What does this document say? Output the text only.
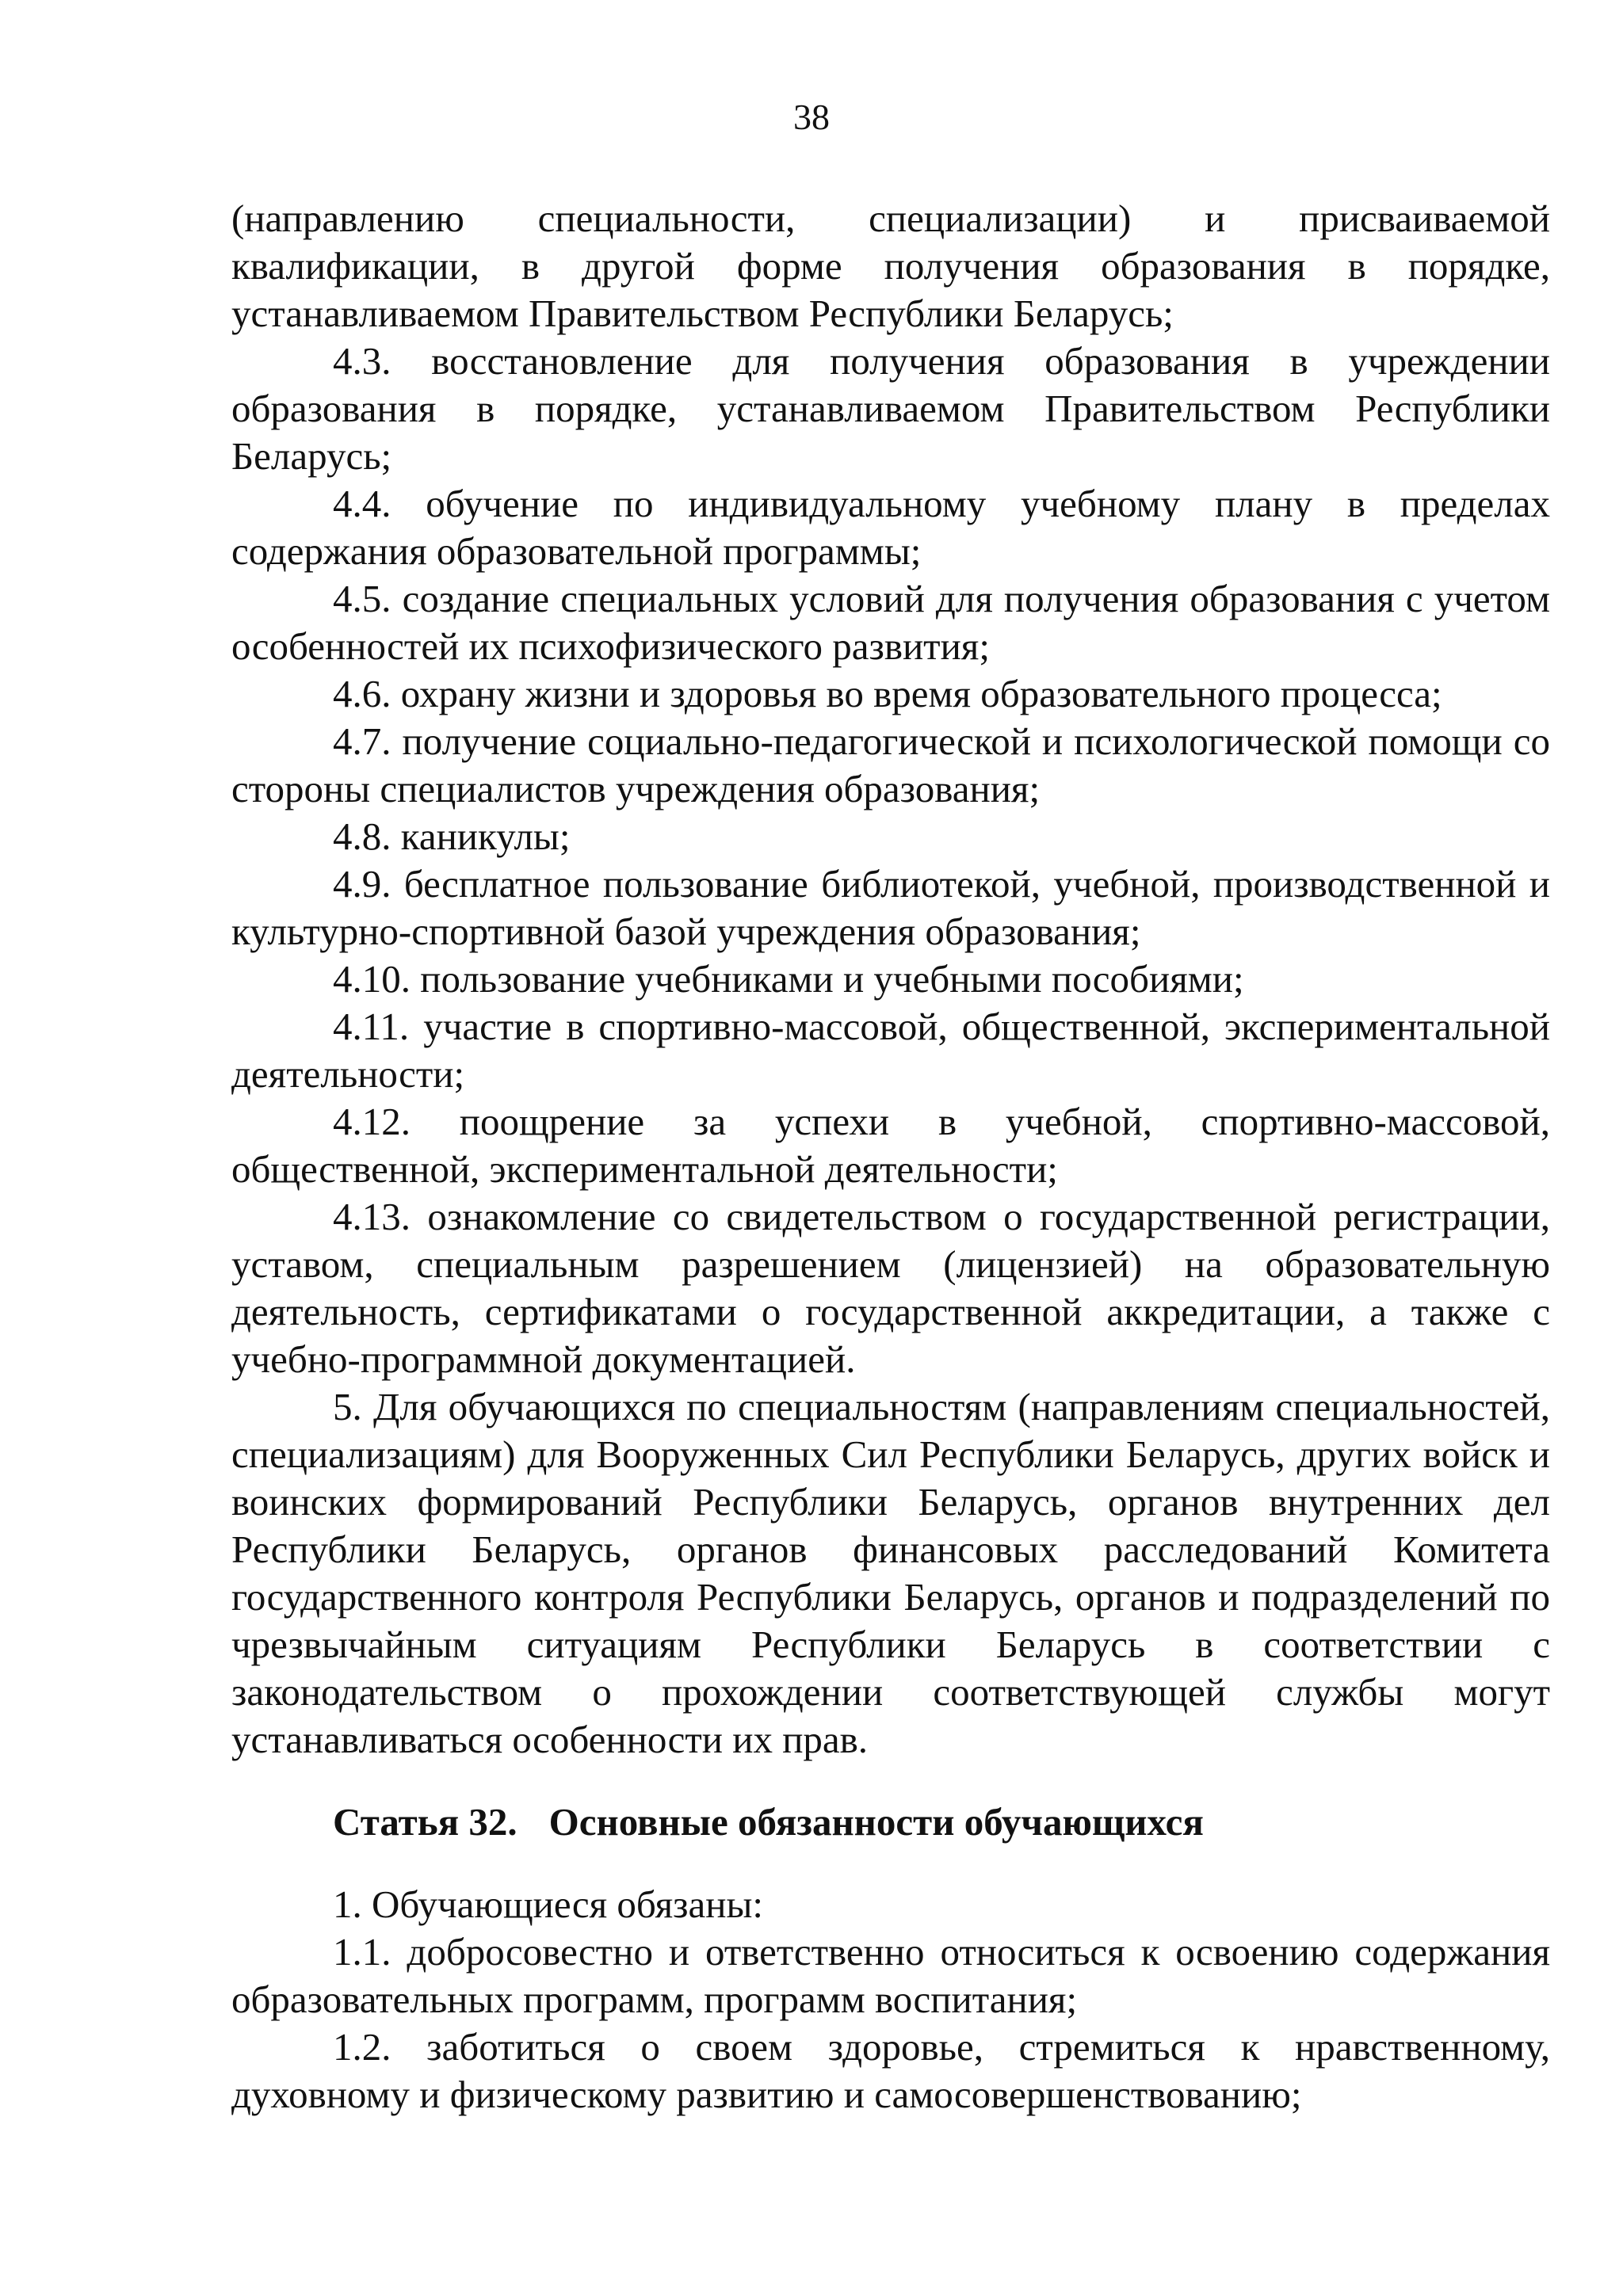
38

(направлению специальности, специализации) и присваиваемой квалификации, в другой форме получения образования в порядке, устанавливаемом Правительством Республики Беларусь;

4.3. восстановление для получения образования в учреждении образования в порядке, устанавливаемом Правительством Республики Беларусь;

4.4. обучение по индивидуальному учебному плану в пределах содержания образовательной программы;

4.5. создание специальных условий для получения образования с учетом особенностей их психофизического развития;

4.6. охрану жизни и здоровья во время образовательного процесса;

4.7. получение социально-педагогической и психологической помощи со стороны специалистов учреждения образования;

4.8. каникулы;

4.9. бесплатное пользование библиотекой, учебной, производственной и культурно-спортивной базой учреждения образования;

4.10. пользование учебниками и учебными пособиями;

4.11. участие в спортивно-массовой, общественной, экспериментальной деятельности;

4.12. поощрение за успехи в учебной, спортивно-массовой, общественной, экспериментальной деятельности;

4.13. ознакомление со свидетельством о государственной регистрации, уставом, специальным разрешением (лицензией) на образовательную деятельность, сертификатами о государственной аккредитации, а также с учебно-программной документацией.

5. Для обучающихся по специальностям (направлениям специальностей, специализациям) для Вооруженных Сил Республики Беларусь, других войск и воинских формирований Республики Беларусь, органов внутренних дел Республики Беларусь, органов финансовых расследований Комитета государственного контроля Республики Беларусь, органов и подразделений по чрезвычайным ситуациям Республики Беларусь в соответствии с законодательством о прохождении соответствующей службы могут устанавливаться особенности их прав.

Статья 32. Основные обязанности обучающихся

1. Обучающиеся обязаны:

1.1. добросовестно и ответственно относиться к освоению содержания образовательных программ, программ воспитания;

1.2. заботиться о своем здоровье, стремиться к нравственному, духовному и физическому развитию и самосовершенствованию;
